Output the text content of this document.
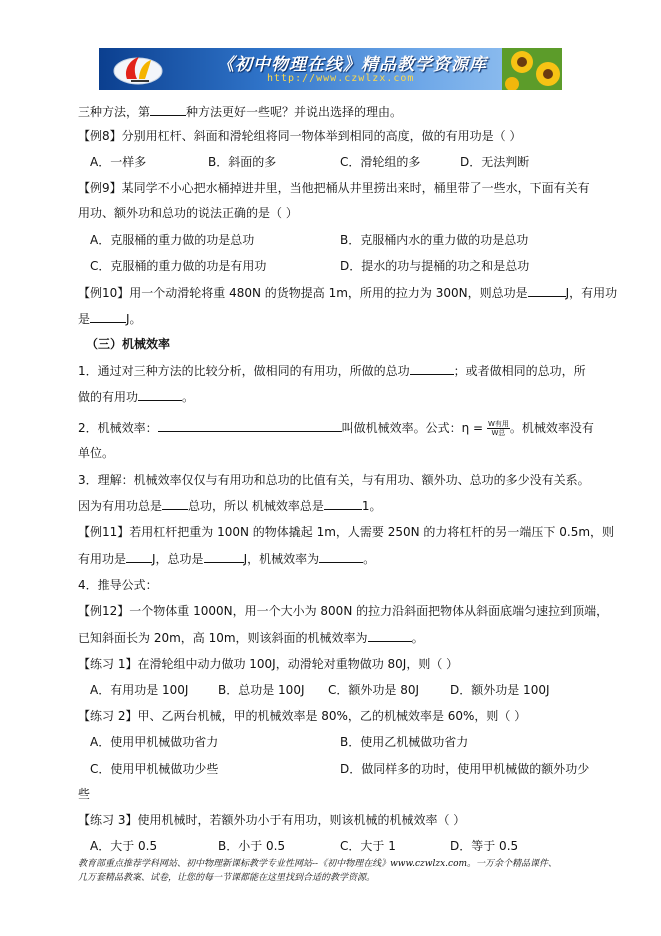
《初中物理在线》精品教学资源库
http://www.czwlzx.com
三种方法，第	种方法更好一些呢？并说出选择的理由。
【例8】分别用杠杆、斜面和滑轮组将同一物体举到相同的高度，做的有用功是（ ）
A．一样多	B．斜面的多	C．滑轮组的多	D．无法判断
【例9】某同学不小心把水桶掉进井里，当他把桶从井里捞出来时，桶里带了一些水，下面有关有
用功、额外功和总功的说法正确的是（ ）
A．克服桶的重力做的功是总功	B．克服桶内水的重力做的功是总功
C．克服桶的重力做的功是有用功	D．提水的功与提桶的功之和是总功
【例10】用一个动滑轮将重 480N 的货物提高 1m，所用的拉力为 300N，则总功是	J，有用功
是	J。
（三）机械效率
1．通过对三种方法的比较分析，做相同的有用功，所做的总功	；或者做相同的总功，所
做的有用功	。
2．机械效率：	叫做机械效率。公式：$\eta = \frac{\text{W有用}}{\text{W总}}$ 。机械效率没有
单位。
3．理解：机械效率仅仅与有用功和总功的比值有关，与有用功、额外功、总功的多少没有关系。
因为有用功总是 总功，所以 机械效率总是	1。
【例11】若用杠杆把重为 100N 的物体撬起 1m，人需要 250N 的力将杠杆的另一端压下 0.5m，则
有用功是 J，总功是	J，机械效率为	。
4．推导公式：
【例12】一个物体重 1000N，用一个大小为 800N 的拉力沿斜面把物体从斜面底端匀速拉到顶端，
已知斜面长为 20m，高 10m，则该斜面的机械效率为	。
【练习 1】在滑轮组中动力做功 100J，动滑轮对重物做功 80J，则（ ）
A．有用功是 100J B．总功是 100J C．额外功是 80J	D．额外功是 100J
【练习 2】甲、乙两台机械，甲的机械效率是 80%，乙的机械效率是 60%，则（ ）
A．使用甲机械做功省力	B．使用乙机械做功省力
C．使用甲机械做功少些	D．做同样多的功时，使用甲机械做的额外功少
些
【练习 3】使用机械时，若额外功小于有用功，则该机械的机械效率（ ）
A．大于 0.5	B．小于 0.5	C．大于 1	D．等于 0.5
教育部重点推荐学科网站、初中物理新课标教学专业性网站--《初中物理在线》www.czwlzx.com。一万余个精品课件、
几万套精品教案、试卷，让您的每一节课都能在这里找到合适的教学资源。
